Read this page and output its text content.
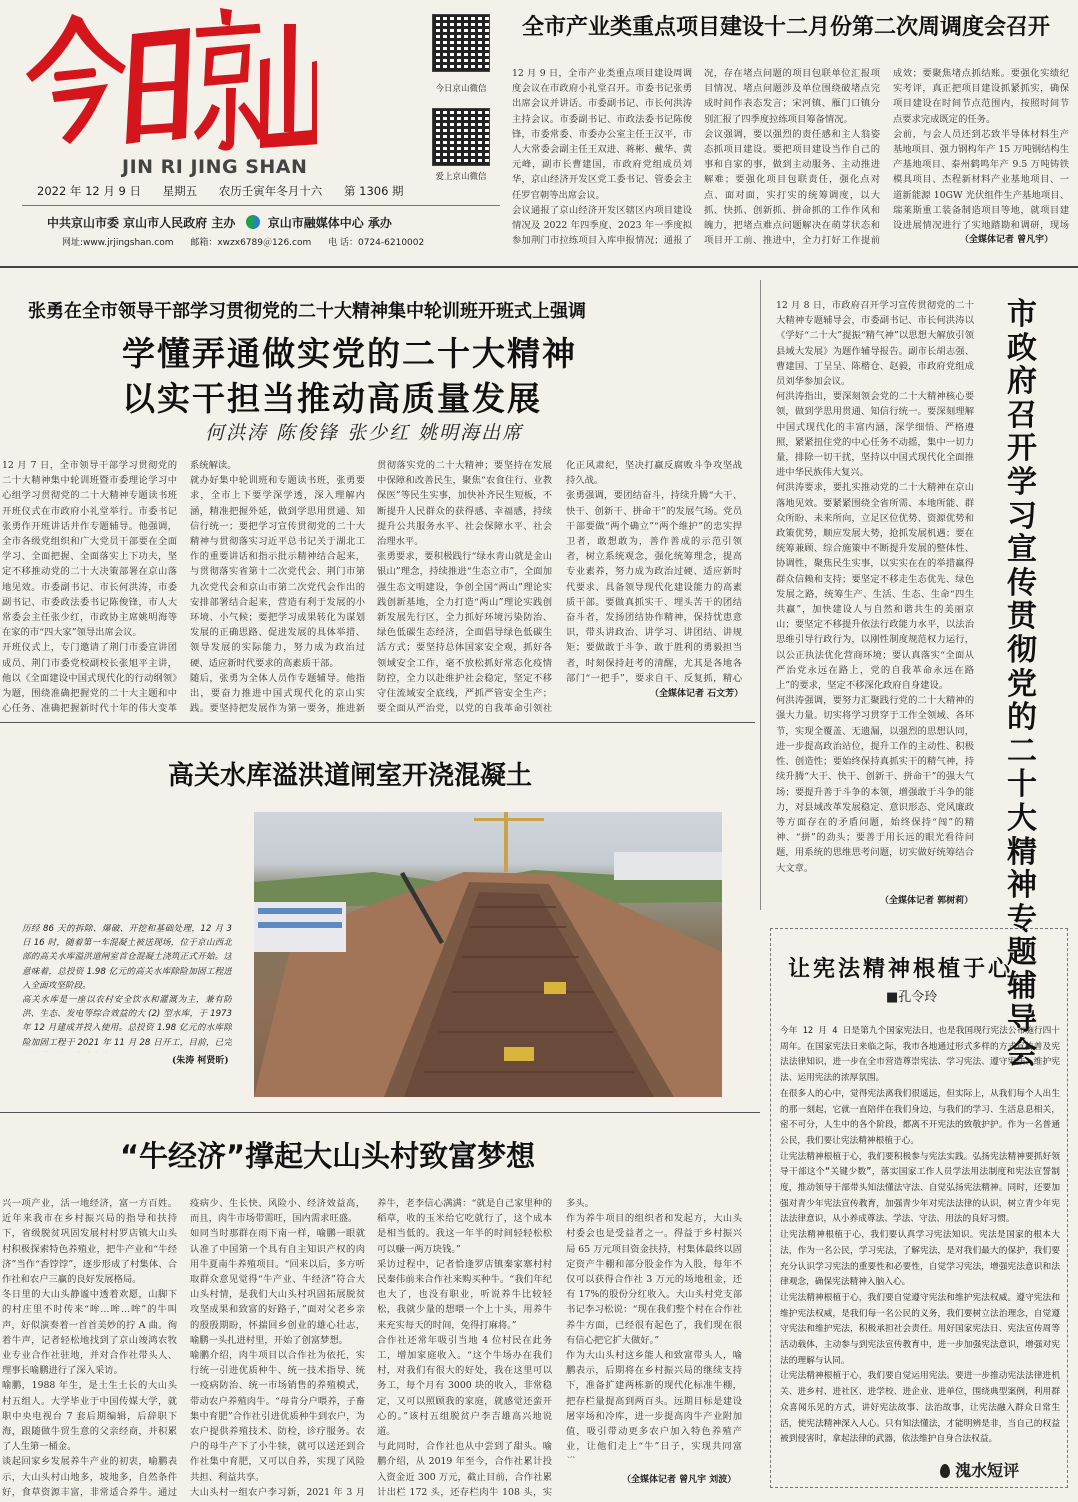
JIN RI JING SHAN
今日京山微信
爱上京山微信
2022 年 12 月 9 日 星期五 农历壬寅年冬月十六 第 1306 期
中共京山市委 京山市人民政府 主办	京山市融媒体中心 承办
网址:www.jrjingshan.com 邮箱：xwzx6789＠126.com 电 话：0724-6210002
全市产业类重点项目建设十二月份第二次周调度会召开
12 月 9 日，全市产业类重点项目建设周调度会议在市政府小礼堂召开。市委书记张勇出席会议并讲话。市委副书记、市长何洪涛主持会议。市委副书记、市政法委书记陈俊锋，市委常委、市委办公室主任王汉平，市人大常委会副主任王双进、蒋彬、戴华、黄元峰，副市长曹建国，市政府党组成员刘华，京山经济开发区党工委书记、管委会主任罗官朝等出席会议。
会议通报了京山经济开发区辖区内项目建设情况及 2022 年四季度、2023 年一季度拟参加荆门市拉练项目入库申报情况；通报了
况，存在堵点问题的项目包联单位汇报项目情况、堵点问题涉及单位围绕破堵点完成时间作表态发言；宋河镇、雁门口镇分别汇报了四季度拉练项目筹备情况。
会议强调，要以强烈的责任感和主人翁姿态抓项目建设。要把项目建设当作自己的事和自家的事，做到主动服务、主动推进解难；要强化项目包联责任，强化点对点、面对面，实打实的统筹调度，以大抓、快抓、创新抓、拼命抓的工作作风和魄力，把堵点难点问题解决在萌芽状态和项目开工前、推进中，全力打好工作提前
成效；要聚焦堵点抓结账。要强化实绩纪实考评，真正把项目建设抓紧抓实，确保项目建设在时间节点范围内，按照时间节点要求完成既定的任务。
会前，与会人员还到芯致半导体材料生产基地项目、强力钢构年产 15 万吨钢结构生产基地项目、泰州鹤鸣年产 9.5 万吨铸铁模具项目、杰程新材料产业基地项目、一道新能源 10GW 光伏组件生产基地项目、瑞莱斯重工装备制造项目等地，就项目建设进展情况进行了实地踏勘和调研，现场
（全媒体记者 曾凡宇）
张勇在全市领导干部学习贯彻党的二十大精神集中轮训班开班式上强调
学懂弄通做实党的二十大精神
以实干担当推动高质量发展
何洪涛 陈俊锋 张少红 姚明海出席
12 月 7 日，全市领导干部学习贯彻党的二十大精神集中轮训班暨市委理论学习中心组学习贯彻党的二十大精神专题读书班开班仪式在市政府小礼堂举行。市委书记张勇作开班讲话并作专题辅导。他强调，全市各级党组织和广大党员干部要在全面学习、全面把握、全面落实上下功夫，坚定不移推动党的二十大决策部署在京山落地见效。市委副书记、市长何洪涛，市委副书记、市委政法委书记陈俊锋，市人大常委会主任张少红，市政协主席姚明海等在家的市“四大家”领导出席会议。
开班仪式上，专门邀请了荆门市委宣讲团成员、荆门市委党校副校长张旭平主讲，他以《全面建设中国式现代化的行动纲领》为题，围绕准确把握党的二十大主题和中心任务、准确把握新时代十年的伟大变革
系统解读。
就办好集中轮训班和专题读书班，张勇要求，全市上下要学深学透，深入理解内涵，精准把握外延，做到学思用贯通、知信行统一；要把学习宣传贯彻党的二十大精神与贯彻落实习近平总书记关于湖北工作的重要讲话和指示批示精神结合起来，与贯彻落实省第十二次党代会、荆门市第九次党代会和京山市第二次党代会作出的安排部署结合起来，营造有利于发展的小环境、小气候；要把学习成果转化为谋划发展的正确思路、促进发展的具体举措、领导发展的实际能力，努力成为政治过硬、适应新时代要求的高素质干部。
随后，张勇为全体人员作专题辅导。他指出，要奋力推进中国式现代化的京山实践。要坚持把发展作为第一要务，推进新
贯彻落实党的二十大精神；要坚持在发展中保障和改善民生，聚焦“农食住行、业教保医”等民生实事，加快补齐民生短板，不断提升人民群众的获得感、幸福感，持续提升公共服务水平、社会保障水平、社会治理水平。
张勇要求，要积极践行“绿水青山就是金山银山”理念，持续推进“生态立市”，全面加强生态文明建设，争创全国“两山”理论实践创新基地，全力打造“两山”理论实践创新发展先行区，全力抓好环境污染防治、绿色低碳生态经济，全面倡导绿色低碳生活方式；要坚持总体国家安全观，抓好各领域安全工作，毫不放松抓好常态化疫情防控，全力以赴维护社会稳定，坚定不移守住流域安全底线，严抓严管安全生产；要全面从严治党，以党的自我革命引领社
化正风肃纪，坚决打赢反腐败斗争攻坚战持久战。
张勇强调，要团结奋斗，持续升腾“大干、快干、创新干、拼命干”的发展气场。党员干部要做“两个确立”“两个维护”的忠实捍卫者，敢想敢为，善作善成的示范引领者，树立系统观念，强化统筹理念，提高专业素养，努力成为政治过硬、适应新时代要求、具备领导现代化建设能力的高素质干部。要做真抓实干、埋头苦干的团结奋斗者，发扬团结协作精神，保持忧患意识，带头讲政治、讲学习、讲团结、讲规矩；要做敢于斗争、敢于胜利的勇毅担当者，时刻保持赶考的清醒，尤其是各地各部门“一把手”，要求自干、反复抓，精心
（全媒体记者 石文芳）
高关水库溢洪道闸室开浇混凝土
历经 86 天的拆除、爆破、开挖和基础处理，12 月 3 日 16 时，随着第一车混凝土被送现场，位于京山西北部的高关水库溢洪道闸室首仓混凝土浇筑正式开始。这意味着，总投资 1.98 亿元的高关水库除险加固工程进入全面攻坚阶段。
高关水库是一座以农村安全饮水和灌溉为主，兼有防洪、生态、发电等综合效益的大 (2) 型水库，于 1973 年 12 月建成并投入使用。总投资 1.98 亿元的水库除险加固工程于 2021 年 11 月 28 日开工，目前，已完
(朱涛 柯贤昕)
“牛经济”撑起大山头村致富梦想
兴一项产业，活一地经济，富一方百姓。近年来我市在乡村振兴局的指导和扶持下，省级脱贫巩固发展村村罗店镇大山头村积极探索特色养殖业，把牛产业和“牛经济”当作“香饽饽”，逐步形成了村集体、合作社和农户三赢的良好发展格局。
冬日里的大山头静谧中透着欢愿，山脚下的村庄里不时传来“哞…哞…哞”的牛叫声，好似演奏着一首首美妙的拧 A 曲。徇着牛声，记者轻松地找到了京山竣鸿农牧业专业合作社驻地，并对合作社带头人、理事长喻鹏进行了深入采访。
喻鹏，1988 年生，是土生土长的大山头村五组人。大学毕业于中国传媒大学，就职中央电视台 7 套后期编辑，后辞职下海，跟随做牛贸生意的父亲经商，并积累了人生第一桶金。
谈起回家乡发展养牛产业的初衷，喻鹏表示，大山头村山地多，坡地多，自然条件好，食草资源丰富，非常适合养牛。通过
疫病少、生长快、风险小、经济效益高，而且，肉牛市场带需旺，国内需求旺盛。
如同当时那群在雨下南一样，喻鹏一眼就认准了中国第一个具有自主知识产权的肉用牛夏南牛养殖项目。“回来以后，多方听取群众意见觉得“牛产业、牛经济”符合大山头村情，是我们大山头村巩固拓展脱贫攻坚成果和致富的好路子，”面对父老乡亲的殷殷期盼，怀揣回乡创业的雄心壮志，喻鹏一头扎进村里，开始了创富梦想。
喻鹏介绍，肉牛项目以合作社为依托，实行统一引进优质种牛、统一技术指导、统一疫病防治、统一市场销售的养殖模式，带动农户养殖肉牛。“母肯分户喂养，子畜集中育肥”合作社引进优质种牛到农户，为农户提供养殖技术、防检，诊疗服务。农户的母牛产下了小牛犊，就可以送还到合作社集中育肥，又可以自养，实现了风险共担、利益共享。
大山头村一组农户李习新，2021 年 3 月
养牛，老李信心满满：“就是自己家里种的稻草，收的玉米给它吃就行了，这个成本是相当低的。我这一年半的时间轻轻松松可以赚一两万块钱。”
采访过程中，记者恰逢罗店镇秦家寨村村民秦伟前来合作社来购买种牛。“我们年纪也大了，也没有职业，听说养牛比较轻松，我就少量的想喂一个上十头，用养牛来充实每天的时间，免得打麻将。”
合作社还常年吸引当地 4 位村民在此务工，增加家庭收入。“这个牛场办在我们村，对我们有很大的好处，我在这里可以务工，每个月有 3000 块的收入，非常稳定，又可以照顾我的家庭，就感觉还蛮开心的。”该村五组脱贫户李吉雄高兴地说道。
与此同时，合作社也从中尝到了甜头。喻鹏介绍，从 2019 年至今，合作社累计投入资金近 300 万元，截止目前，合作社累计出栏 172 头，还存栏肉牛 108 头，实
多头。
作为养牛项目的组织者和发起方，大山头村委会也是受益者之一。得益于乡村振兴局 65 万元项目资金扶持，村集体最终以固定资产牛棚和部分股金作为入股，每年不仅可以获得合作社 3 万元的场地租金，还有 17%的股份分红收入。大山头村党支部书记李习松说：“现在我们整个村在合作社养牛方面，已经很有起色了，我们现在很有信心把它扩大做好。”
作为大山头村这乡能人和致富带头人，喻鹏表示，后期将在乡村振兴局的继续支持下，准备扩建两栋新的现代化标准牛棚，把存栏量提高到两百头。远期目标是建设屠宰场和冷库，进一步提高肉牛产业附加值，吸引带动更多农户加入特色养殖产业，让他们走上“牛”日子，实现共同富
（全媒体记者 曾凡宇 刘波）
12 月 8 日，市政府召开学习宣传贯彻党的二十大精神专题辅导会，市委副书记、市长何洪涛以《学好“二十大”提振“精气神”以思想大解放引领县域大发展》为题作辅导报告。副市长胡志强、曹建国、丁呈呈、陈楷仓、赵毅，市政府党组成员刘华参加会议。
何洪涛指出，要深刻领会党的二十大精神核心要领，做到学思用贯通、知信行统一。要深刻理解中国式现代化的丰富内涵，深学细悟、严格遵照，紧紧扭住党的中心任务不动摇，集中一切力量，排除一切干扰，坚持以中国式现代化全面推进中华民族伟大复兴。
何洪涛要求，要扎实推动党的二十大精神在京山落地见效。要紧紧围绕全省所需、本地所能、群众所盼、未来所向，立足区位优势、资源优势和政策优势，顺应发展大势，抢抓发展机遇；要在统筹兼顾、综合施策中不断提升发展的整体性、协调性，聚焦民生实事，以实实在在的举措赢得群众信赖和支持；要坚定不移走生态优先、绿色发展之路，统筹生产、生活、生态、生命“四生共赢”，加快建设人与自然和谐共生的美丽京山；要坚定不移提升依法行政能力水平，以法治思维引导行政行为，以刚性制度规范权力运行，以公正执法优化营商环境；要认真落实“全面从严治党永远在路上，党的自我革命永远在路上”的要求，坚定不移深化政府自身建设。
何洪涛强调，要努力汇聚践行党的二十大精神的强大力量。切实将学习贯穿于工作全领域、各环节，实现全覆盖、无遗漏，以强烈的思想认同，进一步提高政治站位，提升工作的主动性、积极性、创造性；要始终保持真抓实干的精气神，持续升腾“大干、快干、创新干、拼命干”的强大气场；要提升善于斗争的本领，增强敢于斗争的能力，对县域改革发展稳定、意识形态、党风廉政等方面存在的矛盾问题，始终保持“闯”的精神、“拼”的劲头；要善于用长远的眼光看待问题，用系统的思维思考问题，切实做好统筹结合大文章。
（全媒体记者 郭树莉）
市政府召开学习宣传贯彻党的二十大精神专题辅导会
让宪法精神根植于心
■孔令玲
今年 12 月 4 日是第九个国家宪法日，也是我国现行宪法公布施行四十周年。在国家宪法日来临之际，我市各地通过形式多样的方式宣传普及宪法法律知识，进一步在全市营造尊崇宪法、学习宪法、遵守宪法、维护宪法、运用宪法的浓厚氛围。
在很多人的心中，觉得宪法离我们很遥远，但实际上，从我们每个人出生的那一刻起，它就一直陪伴在我们身边，与我们的学习、生活息息相关，密不可分，人生中的各个阶段，都离不开宪法的致敬护护。作为一名普通公民，我们要让宪法精神根植于心。
让宪法精神根植于心，我们要积极参与宪法实践。弘扬宪法精神要抓好领导干部这个“关键少数”，落实国家工作人员学法用法制度和宪法宣誓制度，推动领导干部带头知法懂法守法、自觉弘扬宪法精神。同时，还要加强对青少年宪法宣传教育，加强青少年对宪法法律的认识，树立青少年宪法法律意识，从小养成尊法、学法、守法、用法的良好习惯。
让宪法精神根植于心，我们要认真学习宪法知识。宪法是国家的根本大法，作为一名公民，学习宪法，了解宪法，是对我们最大的保护，我们要充分认识学习宪法的重要性和必要性，自觉学习宪法，增强宪法意识和法律观念，确保宪法精神入脑入心。
让宪法精神根植于心，我们要自觉遵守宪法和维护宪法权威。遵守宪法和维护宪法权威，是我们每一名公民的义务，我们要树立法治理念，自觉遵守宪法和维护宪法，积极承担社会责任。用好国家宪法日、宪法宣传周等活动载体，主动参与到宪法宣传教育中，进一步加强宪法意识，增强对宪法的理解与认同。
让宪法精神根植于心，我们要自觉运用宪法。要进一步推动宪法法律进机关、进乡村、进社区、进学校、进企业、进单位，围绕典型案例，利用群众喜闻乐见的方式，讲好宪法故事、法治故事，让宪法融入群众日常生活，使宪法精神深入人心。只有知法懂法，才能明辨是非，当自己的权益被到侵害时，拿起法律的武器，依法维护自身合法权益。
溾水短评
